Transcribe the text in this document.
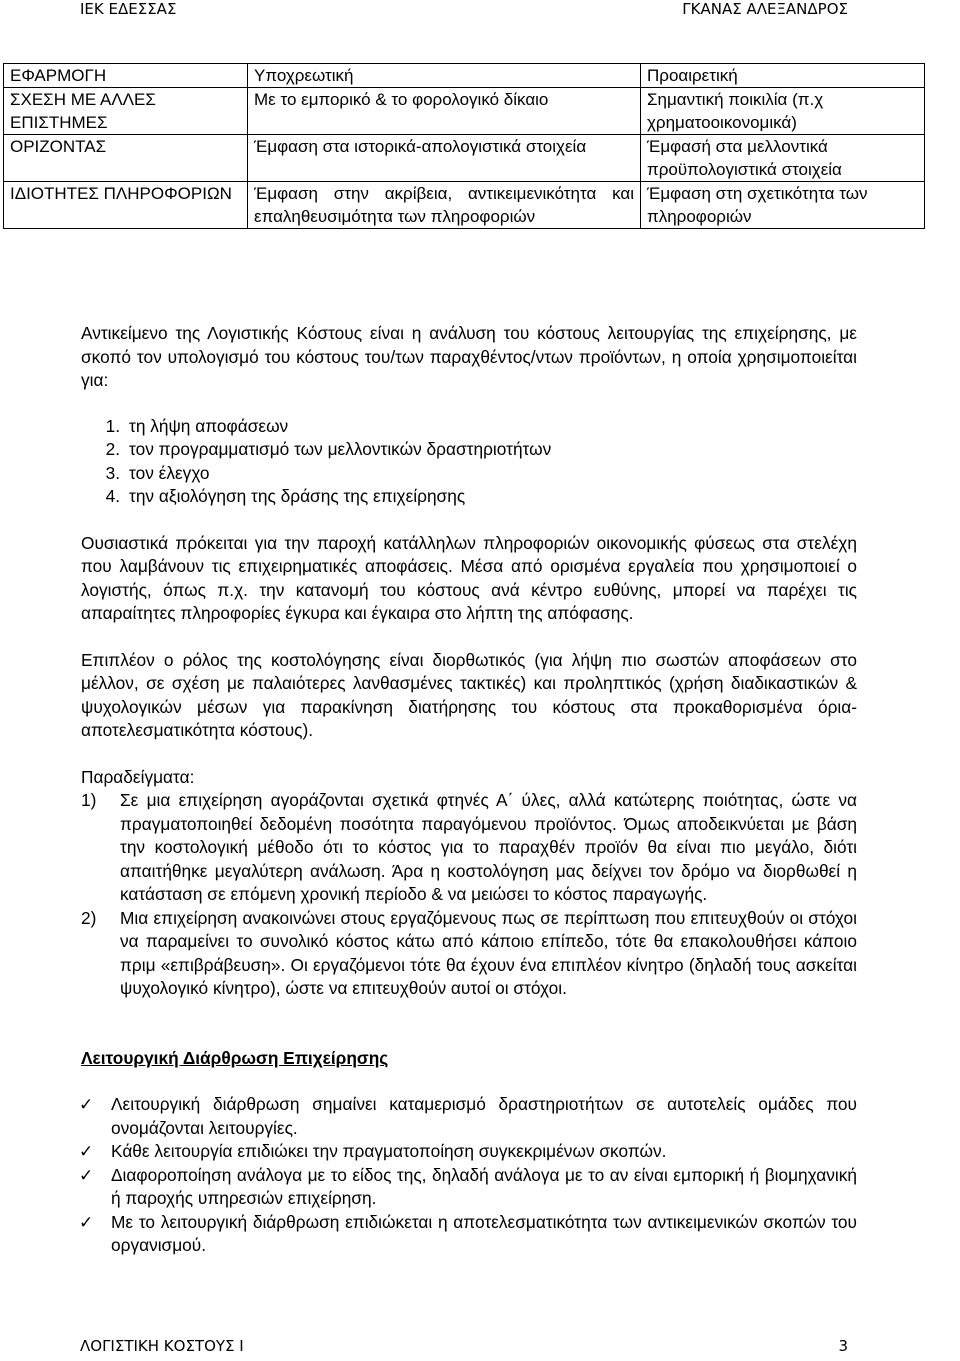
ΙΕΚ ΕΔΕΣΣΑΣ	ΓΚΑΝΑΣ ΑΛΕΞΑΝΔΡΟΣ
ΕΦΑΡΜΟΓΗ	Υποχρεωτική	Προαιρετική
ΣΧΕΣΗ ΜΕ ΑΛΛΕΣ ΕΠΙΣΤΗΜΕΣ	Με το εμπορικό & το φορολογικό δίκαιο	Σημαντική ποικιλία (π.χ χρηματοοικονομικά)
ΟΡΙΖΟΝΤΑΣ	Έμφαση στα ιστορικά-απολογιστικά στοιχεία	Έμφασή στα μελλοντικά προϋπολογιστικά στοιχεία
ΙΔΙΟΤΗΤΕΣ ΠΛΗΡΟΦΟΡΙΩΝ	Έμφαση στην ακρίβεια, αντικειμενικότητα και επαληθευσιμότητα των πληροφοριών	Έμφαση στη σχετικότητα των πληροφοριών

Αντικείμενο της Λογιστικής Κόστους είναι η ανάλυση του κόστους λειτουργίας της επιχείρησης, με σκοπό τον υπολογισμό του κόστους του/των παραχθέντος/ντων προϊόντων, η οποία χρησιμοποιείται για:

1. τη λήψη αποφάσεων
2. τον προγραμματισμό των μελλοντικών δραστηριοτήτων
3. τον έλεγχο
4. την αξιολόγηση της δράσης της επιχείρησης

Ουσιαστικά πρόκειται για την παροχή κατάλληλων πληροφοριών οικονομικής φύσεως στα στελέχη που λαμβάνουν τις επιχειρηματικές αποφάσεις. Μέσα από ορισμένα εργαλεία που χρησιμοποιεί ο λογιστής, όπως π.χ. την κατανομή του κόστους ανά κέντρο ευθύνης, μπορεί να παρέχει τις απαραίτητες πληροφορίες έγκυρα και έγκαιρα στο λήπτη της απόφασης.

Επιπλέον ο ρόλος της κοστολόγησης είναι διορθωτικός (για λήψη πιο σωστών αποφάσεων στο μέλλον, σε σχέση με παλαιότερες λανθασμένες τακτικές) και προληπτικός (χρήση διαδικαστικών & ψυχολογικών μέσων για παρακίνηση διατήρησης του κόστους στα προκαθορισμένα όρια- αποτελεσματικότητα κόστους).

Παραδείγματα:

1) Σε μια επιχείρηση αγοράζονται σχετικά φτηνές Α΄ ύλες, αλλά κατώτερης ποιότητας, ώστε να πραγματοποιηθεί δεδομένη ποσότητα παραγόμενου προϊόντος. Όμως αποδεικνύεται με βάση την κοστολογική μέθοδο ότι το κόστος για το παραχθέν προϊόν θα είναι πιο μεγάλο, διότι απαιτήθηκε μεγαλύτερη ανάλωση. Άρα η κοστολόγηση μας δείχνει τον δρόμο να διορθωθεί η κατάσταση σε επόμενη χρονική περίοδο & να μειώσει το κόστος παραγωγής.
2) Μια επιχείρηση ανακοινώνει στους εργαζόμενους πως σε περίπτωση που επιτευχθούν οι στόχοι να παραμείνει το συνολικό κόστος κάτω από κάποιο επίπεδο, τότε θα επακολουθήσει κάποιο πριμ «επιβράβευση». Οι εργαζόμενοι τότε θα έχουν ένα επιπλέον κίνητρο (δηλαδή τους ασκείται ψυχολογικό κίνητρο), ώστε να επιτευχθούν αυτοί οι στόχοι.
Λειτουργική Διάρθρωση Επιχείρησης
✓ Λειτουργική διάρθρωση σημαίνει καταμερισμό δραστηριοτήτων σε αυτοτελείς ομάδες που ονομάζονται λειτουργίες.
✓ Κάθε λειτουργία επιδιώκει την πραγματοποίηση συγκεκριμένων σκοπών.
✓ Διαφοροποίηση ανάλογα με το είδος της, δηλαδή ανάλογα με το αν είναι εμπορική ή βιομηχανική ή παροχής υπηρεσιών επιχείρηση.
✓ Με το λειτουργική διάρθρωση επιδιώκεται η αποτελεσματικότητα των αντικειμενικών σκοπών του οργανισμού.
ΛΟΓΙΣΤΙΚΗ ΚΟΣΤΟΥΣ Ι	3
